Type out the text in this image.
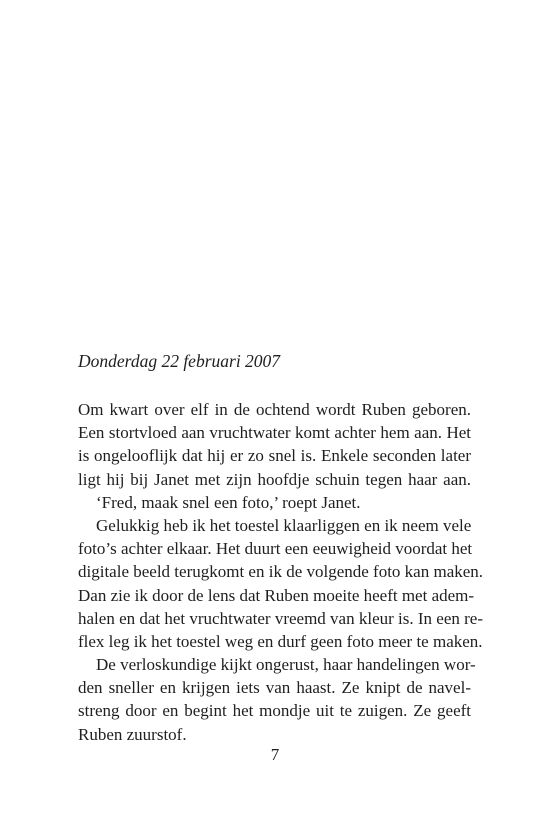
Donderdag 22 februari 2007
Om kwart over elf in de ochtend wordt Ruben geboren.
Een stortvloed aan vruchtwater komt achter hem aan. Het
is ongelooflijk dat hij er zo snel is. Enkele seconden later
ligt hij bij Janet met zijn hoofdje schuin tegen haar aan.
‘Fred, maak snel een foto,’ roept Janet.
Gelukkig heb ik het toestel klaarliggen en ik neem vele
foto’s achter elkaar. Het duurt een eeuwigheid voordat het
digitale beeld terugkomt en ik de volgende foto kan maken.
Dan zie ik door de lens dat Ruben moeite heeft met adem-
halen en dat het vruchtwater vreemd van kleur is. In een re-
flex leg ik het toestel weg en durf geen foto meer te maken.
De verloskundige kijkt ongerust, haar handelingen wor-
den sneller en krijgen iets van haast. Ze knipt de navel-
streng door en begint het mondje uit te zuigen. Ze geeft
Ruben zuurstof.
7
